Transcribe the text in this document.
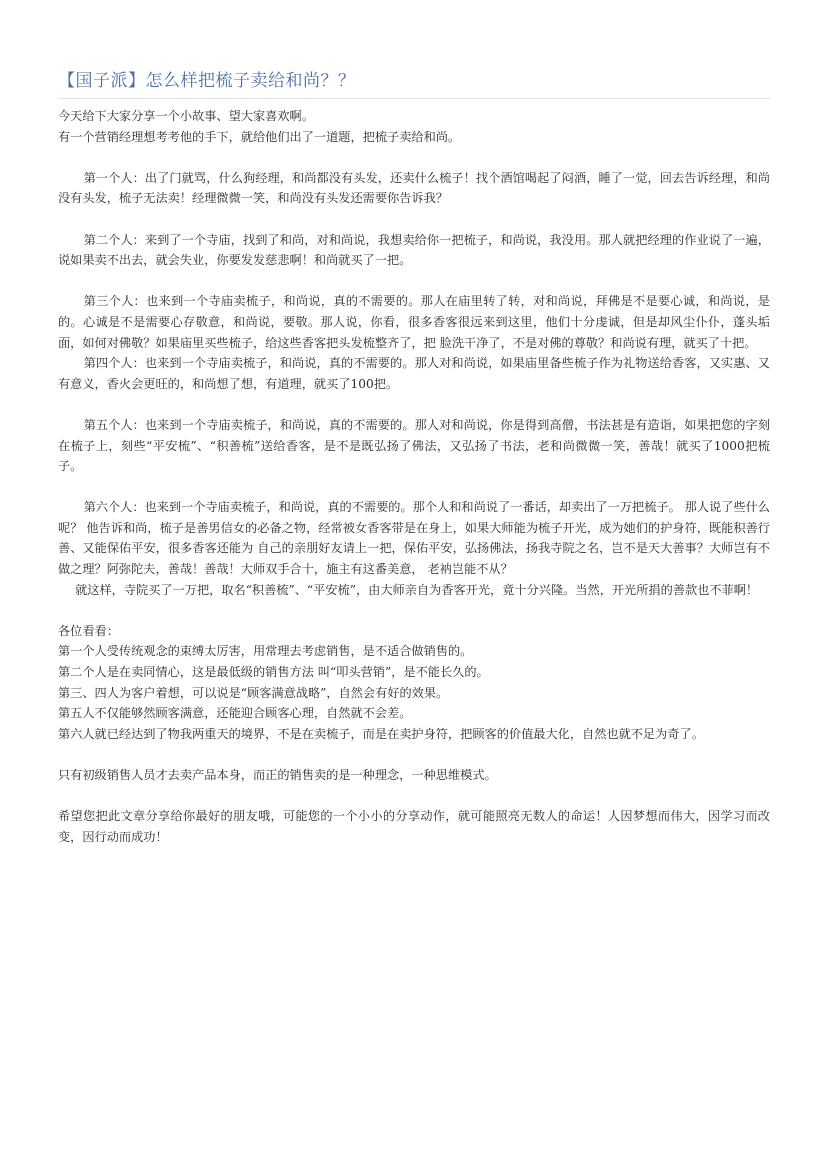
【国子派】怎么样把梳子卖给和尚？？

今天给下大家分享一个小故事、望大家喜欢啊。

有一个营销经理想考考他的手下，就给他们出了一道题，把梳子卖给和尚。

第一个人：出了门就骂，什么狗经理，和尚都没有头发，还卖什么梳子！找个酒馆喝起了闷酒，睡了一觉，回去告诉经理，和尚没有头发，梳子无法卖！经理微微一笑，和尚没有头发还需要你告诉我？

第二个人：来到了一个寺庙，找到了和尚，对和尚说，我想卖给你一把梳子，和尚说，我没用。那人就把经理的作业说了一遍，说如果卖不出去，就会失业，你要发发慈悲啊！和尚就买了一把。

第三个人：也来到一个寺庙卖梳子，和尚说，真的不需要的。那人在庙里转了转，对和尚说，拜佛是不是要心诚，和尚说，是的。心诚是不是需要心存敬意，和尚说，要敬。那人说，你看，很多香客很远来到这里，他们十分虔诚，但是却风尘仆仆，蓬头垢面，如何对佛敬？如果庙里买些梳子，给这些香客把头发梳整齐了，把 脸洗干净了，不是对佛的尊敬？和尚说有理，就买了十把。

第四个人：也来到一个寺庙卖梳子，和尚说，真的不需要的。那人对和尚说，如果庙里备些梳子作为礼物送给香客，又实惠、又有意义，香火会更旺的，和尚想了想，有道理，就买了100把。

第五个人：也来到一个寺庙卖梳子，和尚说，真的不需要的。那人对和尚说，你是得到高僧，书法甚是有造诣，如果把您的字刻在梳子上，刻些“平安梳”、“积善梳”送给香客，是不是既弘扬了佛法，又弘扬了书法，老和尚微微一笑，善哉！就买了1000把梳子。

第六个人：也来到一个寺庙卖梳子，和尚说，真的不需要的。那个人和和尚说了一番话，却卖出了一万把梳子。 那人说了些什么呢？ 他告诉和尚，梳子是善男信女的必备之物，经常被女香客带是在身上，如果大师能为梳子开光，成为她们的护身符，既能积善行善、又能保佑平安，很多香客还能为 自己的亲朋好友请上一把，保佑平安，弘扬佛法，扬我寺院之名，岂不是天大善事？大师岂有不做之理？阿弥陀夫，善哉！善哉！大师双手合十，施主有这番美意， 老衲岂能不从？

就这样，寺院买了一万把，取名“积善梳”、“平安梳”，由大师亲自为香客开光，竟十分兴隆。当然，开光所捐的善款也不菲啊！

各位看看：

第一个人受传统观念的束缚太厉害，用常理去考虑销售，是不适合做销售的。

第二个人是在卖同情心，这是最低级的销售方法 叫“叩头营销”，是不能长久的。

第三、四人为客户着想，可以说是“顾客满意战略”，自然会有好的效果。

第五人不仅能够然顾客满意，还能迎合顾客心理，自然就不会差。

第六人就已经达到了物我两重天的境界，不是在卖梳子，而是在卖护身符，把顾客的价值最大化，自然也就不足为奇了。

只有初级销售人员才去卖产品本身，而正的销售卖的是一种理念，一种思维模式。

希望您把此文章分享给你最好的朋友哦，可能您的一个小小的分享动作，就可能照亮无数人的命运！人因梦想而伟大，因学习而改变，因行动而成功！
